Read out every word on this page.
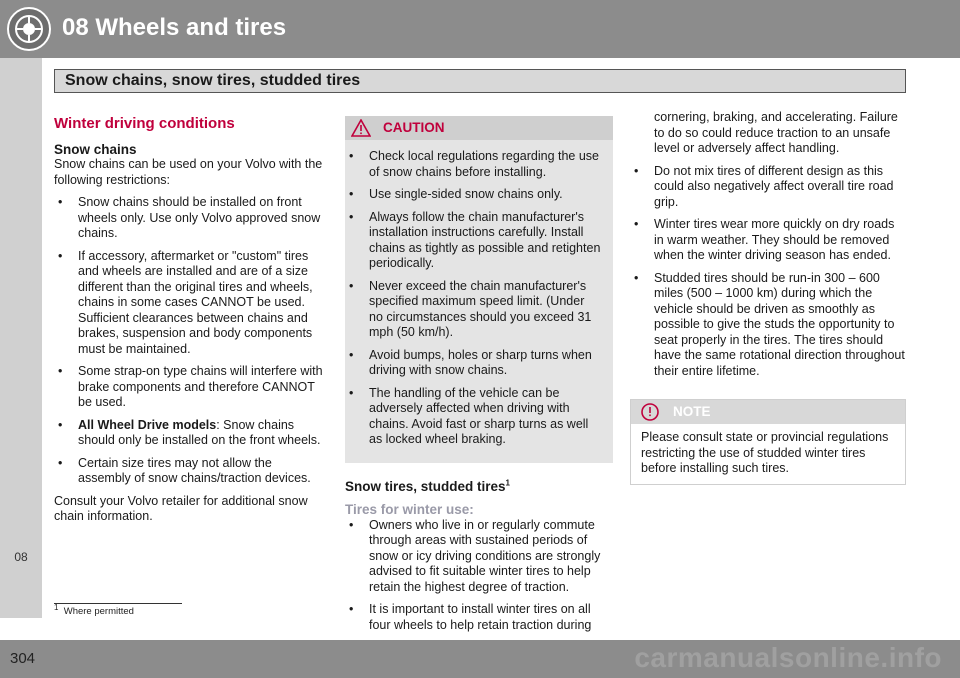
08 Wheels and tires
Snow chains, snow tires, studded tires
08
Winter driving conditions
Snow chains

Snow chains can be used on your Volvo with the following restrictions:

• Snow chains should be installed on front wheels only. Use only Volvo approved snow chains.
• If accessory, aftermarket or "custom" tires and wheels are installed and are of a size different than the original tires and wheels, chains in some cases CANNOT be used. Sufficient clearances between chains and brakes, suspension and body components must be maintained.
• Some strap-on type chains will interfere with brake components and therefore CANNOT be used.
• All Wheel Drive models: Snow chains should only be installed on the front wheels.
• Certain size tires may not allow the assembly of snow chains/traction devices.

Consult your Volvo retailer for additional snow chain information.

CAUTION
• Check local regulations regarding the use of snow chains before installing.
• Use single-sided snow chains only.
• Always follow the chain manufacturer's installation instructions carefully. Install chains as tightly as possible and retighten periodically.
• Never exceed the chain manufacturer's specified maximum speed limit. (Under no circumstances should you exceed 31 mph (50 km/h).
• Avoid bumps, holes or sharp turns when driving with snow chains.
• The handling of the vehicle can be adversely affected when driving with chains. Avoid fast or sharp turns as well as locked wheel braking.
Snow tires, studded tires$^1$
Tires for winter use:
• Owners who live in or regularly commute through areas with sustained periods of snow or icy driving conditions are strongly advised to fit suitable winter tires to help retain the highest degree of traction.
• It is important to install winter tires on all four wheels to help retain traction during

cornering, braking, and accelerating. Failure to do so could reduce traction to an unsafe level or adversely affect handling.

• Do not mix tires of different design as this could also negatively affect overall tire road grip.
• Winter tires wear more quickly on dry roads in warm weather. They should be removed when the winter driving season has ended.
• Studded tires should be run-in 300 – 600 miles (500 – 1000 km) during which the vehicle should be driven as smoothly as possible to give the studs the opportunity to seat properly in the tires. The tires should have the same rotational direction throughout their entire lifetime.
NOTE
Please consult state or provincial regulations restricting the use of studded winter tires before installing such tires.
$^1$ Where permitted
304	carmanualsonline.info
